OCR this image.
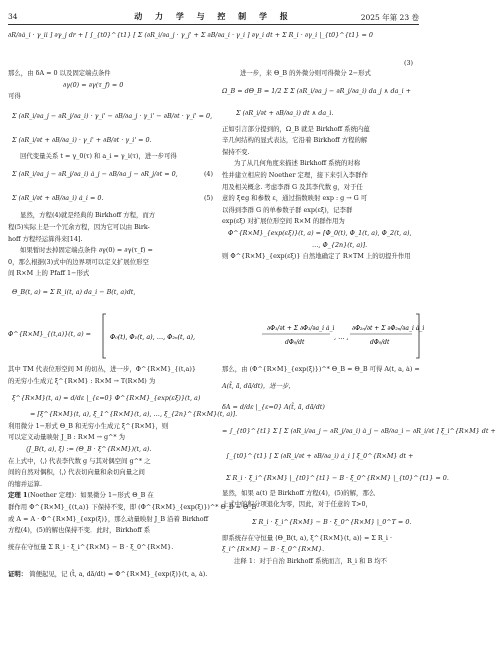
34	动 力 学 与 控 制 学 报	2025 年第 23 卷
∂R/∂ȧ_i · γ_ii ] ∂γ_j dr + [ ∫_{t0}^{t1} [ Σ (∂R_i/∂a_j · γ_j' + Σ ∂B/∂a_i · γ_i ] ∂γ_i dt + Σ R_i · ∂γ_i |_{t0}^{t1} = 0
(3)
那么，由 δA = 0 以及固定端点条件
∂γ(0) = ∂γ(τ_f) = 0
可得
Σ (∂R_i/∂a_j − ∂R_j/∂a_i) · γ_i' − ∂B/∂a_j · γ_i' − ∂B/∂t · γ_i' = 0,
Σ (∂R_i/∂t + ∂B/∂a_i) · γ_i' + ∂B/∂t · γ_i' = 0.
回代变量关系 t = γ_0(τ) 和 a_i = γ_i(τ)，进一步可得
Σ (∂R_i/∂a_j − ∂R_j/∂a_i) ȧ_j − ∂B/∂a_j − ∂R_j/∂t = 0,	(4)
Σ (∂R_i/∂t + ∂B/∂a_i) ȧ_i = 0.	(5)
显然，方程(4)就是经典的 Birkhoff 方程，而方
程(5)实际上是一个冗余方程，因为它可以由 Birk-
hoff 方程经运算得来[14].
如果暂时去掉固定端点条件 ∂γ(0) = ∂γ(τ_f) =
0，那么根据(3)式中的边界项可以定义扩展位形空
间 R×M 上的 Pfaff 1−形式
Θ_B(t, a) = Σ R_i(t, a) da_i − B(t, a)dt,
进一步，来 Θ_B 的外微分则可得微分 2−形式
Ω_B = dΘ_B = 1/2 Σ Σ (∂R_i/∂a_j − ∂R_j/∂a_i) da_j ∧ da_i +
Σ (∂R_i/∂t + ∂B/∂a_i) dt ∧ da_i.
正如引言部分提到的，Ω_B 就是 Birkhoff 系统内蕴
辛几何结构的显式表达，它沿着 Birkhoff 方程的解
保持不变.
为了从几何角度来描述 Birkhoff 系统的对称
性并建立相应的 Noether 定理，接下来引入李群作
用及相关概念. 考虑李群 G 及其李代数 g，对于任
意的 ξ∈g 和参数 ε，通过指数映射 exp : g → G 可
以得到李群 G 的单参数子群 exp(εξ)，记李群
exp(εξ) 对扩展位形空间 R×M 的群作用为
Φ^{R×M}_{exp(εξ)}(t, a) = [Φ_0(t), Φ_1(t, a), Φ_2(t, a),
…, Φ_{2n}(t, a)].
则 Φ^{R×M}_{exp(εξ)} 自然地确定了 R×TM 上的切提升作用
Φ^{R×M}_{(t,a)}(t, a) =	Φ₀(t), Φ₁(t, a), …, Φ₂ₙ(t, a),
∂Φ₁/∂t + Σ ∂Φ₁/∂a_i ȧ_i
dΦ₀/dt
, … ,
∂Φ₂ₙ/∂t + Σ ∂Φ₂ₙ/∂a_i ȧ_i
dΦ₀/dt
其中 TM 代表位形空间 M 的切丛，进一步，Φ^{R×M}_{(t,a)}
的无穷小生成元 ξ^{R×M} : R×M → T(R×M) 为
ξ^{R×M}(t, a) = d/dε |_{ε=0} Φ^{R×M}_{exp(εξ)}(t, a)
= [ξ^{R×M}(t, a), ξ_1^{R×M}(t, a), …, ξ_{2n}^{R×M}(t, a)].
利用微分 1−形式 Θ_B 和无穷小生成元 ξ^{R×M}，则
可以定义动量映射 J_B : R×M → g^* 为
⟨J_B(t, a), ξ⟩ := (Θ_B · ξ^{R×M})(t, a).
在上式中，⟨,⟩ 代表李代数 g 与其对偶空间 g^* 之
间的自然对偶积，⟨,⟩ 代表切向量和余切向量之间
的缩并运算.
定理 1(Noether 定理)：如果微分 1−形式 Θ_B 在
群作用 Φ^{R×M}_{(t,a)} 下保持不变，即 (Φ^{R×M}_{exp(ξ)})^* Θ_B = Θ_B
或 A = A · Φ^{R×M}_{exp(ξ)}，那么动量映射 J_B 沿着 Birkhoff
方程(4)，(5)的解也保持不变．此时，Birkhoff 系
统存在守恒量 Σ R_i · ξ_i^{R×M} − B · ξ_0^{R×M}.
证明： 简便起见，记 (t̃, a, dã/dt) = Φ^{R×M}_{exp(ξ)}(t, a, ȧ).
那么，由 (Φ^{R×M}_{exp(ξ)})^* Θ_B = Θ_B 可得 A(t, a, ȧ) =
A(t̃, ã, dã/dt)，进一步，
δA = d/dε |_{ε=0} A(t̃, ã, dã/dt)
= ∫_{t0}^{t1} Σ [ Σ (∂R_i/∂a_j − ∂R_j/∂a_i) ȧ_j − ∂B/∂a_i − ∂R_i/∂t ] ξ_i^{R×M} dt +
∫_{t0}^{t1} [ Σ (∂R_i/∂t + ∂B/∂a_i) ȧ_i ] ξ_0^{R×M} dt +
Σ R_i · ξ_i^{R×M} |_{t0}^{t1} − B · ξ_0^{R×M} |_{t0}^{t1} = 0.
显然，如果 a(t) 是 Birkhoff 方程(4)，(5)的解，那么
上式中的积分项退化为零，因此，对于任意的 T>0，
Σ R_i · ξ_i^{R×M} − B · ξ_0^{R×M} |_0^T = 0.
即系统存在守恒量 ⟨Θ_B(t, a), ξ^{R×M}(t, a)⟩ = Σ R_i ·
ξ_i^{R×M} − B · ξ_0^{R×M}.
注释 1：对于自治 Birkhoff 系统而言，R_i 和 B 均不
